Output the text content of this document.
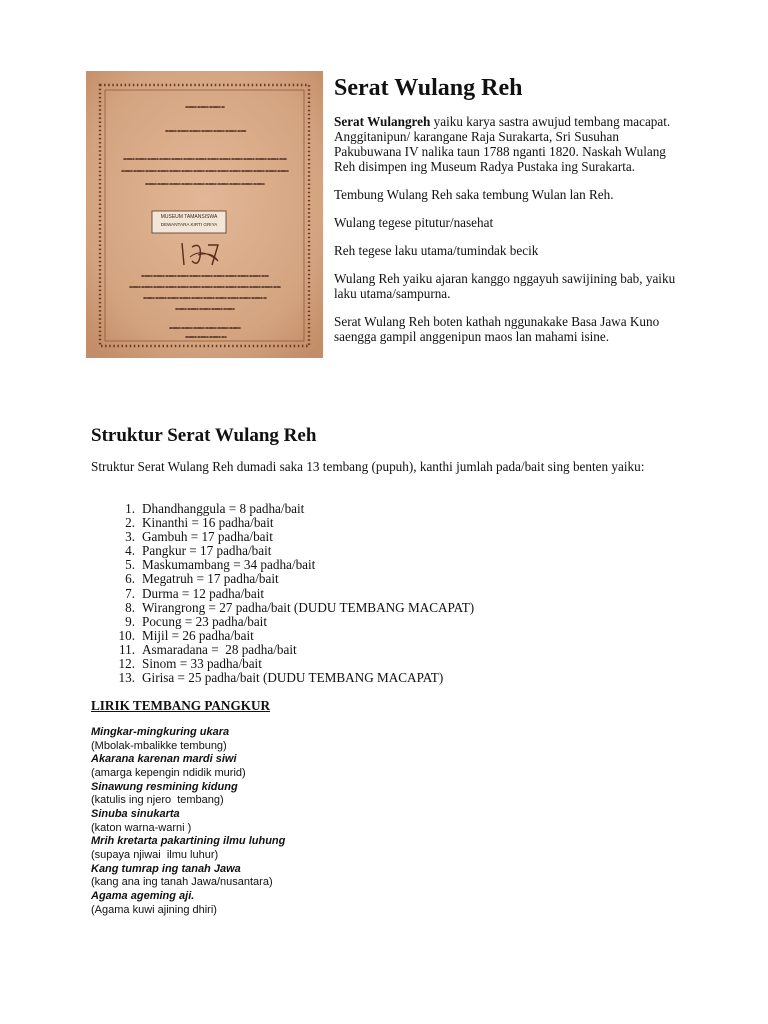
MUSEUM TAMANSISWA
DEWANTARA KIRTI GRIYA
Serat Wulang Reh

Serat Wulangreh yaiku karya sastra awujud tembang macapat. Anggitanipun/ karangane Raja Surakarta, Sri Susuhan Pakubuwana IV nalika taun 1788 nganti 1820. Naskah Wulang Reh disimpen ing Museum Radya Pustaka ing Surakarta.

Tembung Wulang Reh saka tembung Wulan lan Reh.

Wulang tegese pitutur/nasehat

Reh tegese laku utama/tumindak becik

Wulang Reh yaiku ajaran kanggo nggayuh sawijining bab, yaiku laku utama/sampurna.

Serat Wulang Reh boten kathah nggunakake Basa Jawa Kuno saengga gampil anggenipun maos lan mahami isine.

Struktur Serat Wulang Reh

Struktur Serat Wulang Reh dumadi saka 13 tembang (pupuh), kanthi jumlah pada/bait sing benten yaiku:

1. Dhandhanggula = 8 padha/bait
2. Kinanthi = 16 padha/bait
3. Gambuh = 17 padha/bait
4. Pangkur = 17 padha/bait
5. Maskumambang = 34 padha/bait
6. Megatruh = 17 padha/bait
7. Durma = 12 padha/bait
8. Wirangrong = 27 padha/bait (DUDU TEMBANG MACAPAT)
9. Pocung = 23 padha/bait
10. Mijil = 26 padha/bait
11. Asmaradana =  28 padha/bait
12. Sinom = 33 padha/bait
13. Girisa = 25 padha/bait (DUDU TEMBANG MACAPAT)

LIRIK TEMBANG PANGKUR

Mingkar-mingkuring ukara
(Mbolak-mbalikke tembung)
Akarana karenan mardi siwi
(amarga kepengin ndidik murid)
Sinawung resmining kidung
(katulis ing njero  tembang)
Sinuba sinukarta
(katon warna-warni )
Mrih kretarta pakartining ilmu luhung
(supaya njiwai  ilmu luhur)
Kang tumrap ing tanah Jawa
(kang ana ing tanah Jawa/nusantara)
Agama ageming aji.
(Agama kuwi ajining dhiri)
